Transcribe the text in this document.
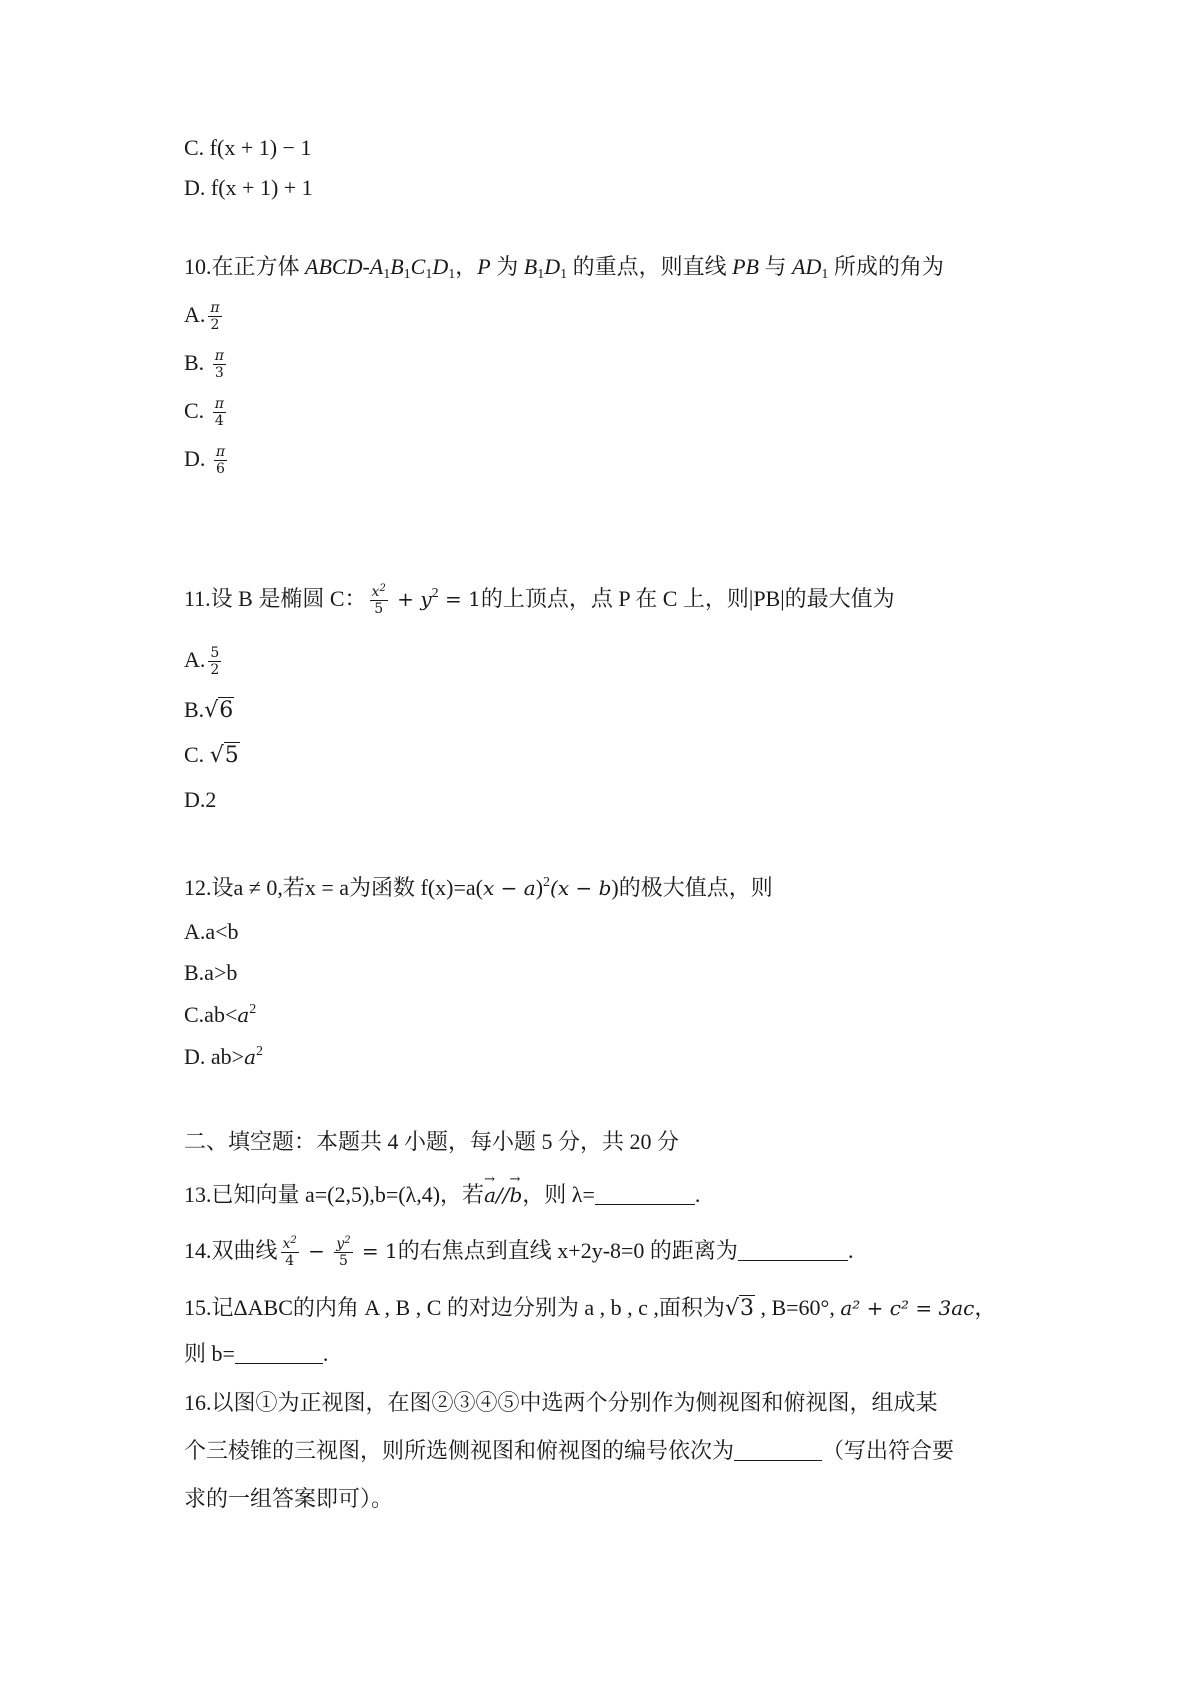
C. f(x + 1) − 1
D. f(x + 1) + 1
10.在正方体 ABCD-$A_1B_1C_1D_1$，P 为 $B_1D_1$ 的重点，则直线 PB 与 $AD_1$ 所成的角为
A. $\frac{\pi}{2}$
B. $\frac{\pi}{3}$
C. $\frac{\pi}{4}$
D. $\frac{\pi}{6}$
11.设 B 是椭圆 C： $\frac{x^2}{5} + y^2 = 1$的上顶点，点 P 在 C 上，则|PB|的最大值为
A. $\frac{5}{2}$
B.√6
C. √5
D.2
12.设a ≠ 0,若x = a为函数 $f(x)=a(x - a)^2(x - b)$的极大值点，则
A.a<b
B.a>b
$C.ab<a^2$
D. $ab>a^2$
二、填空题：本题共 4 小题，每小题 5 分，共 20 分
13.已知向量 a=(2,5),b=(λ,4)，若→ a//→ b，则 λ=	.
14.双曲线 $\frac{x^2}{4} - \frac{y^2}{5} = 1$的右焦点到直线 x+2y-8=0 的距离为	.
15.记ΔABC的内角 A , B , C 的对边分别为 a , b , c ,面积为√3 , B=60°, a² + c² = 3ac，
则 b=	.
16.以图①为正视图，在图②③④⑤中选两个分别作为侧视图和俯视图，组成某
个三棱锥的三视图，则所选侧视图和俯视图的编号依次为	（写出符合要
求的一组答案即可）。
